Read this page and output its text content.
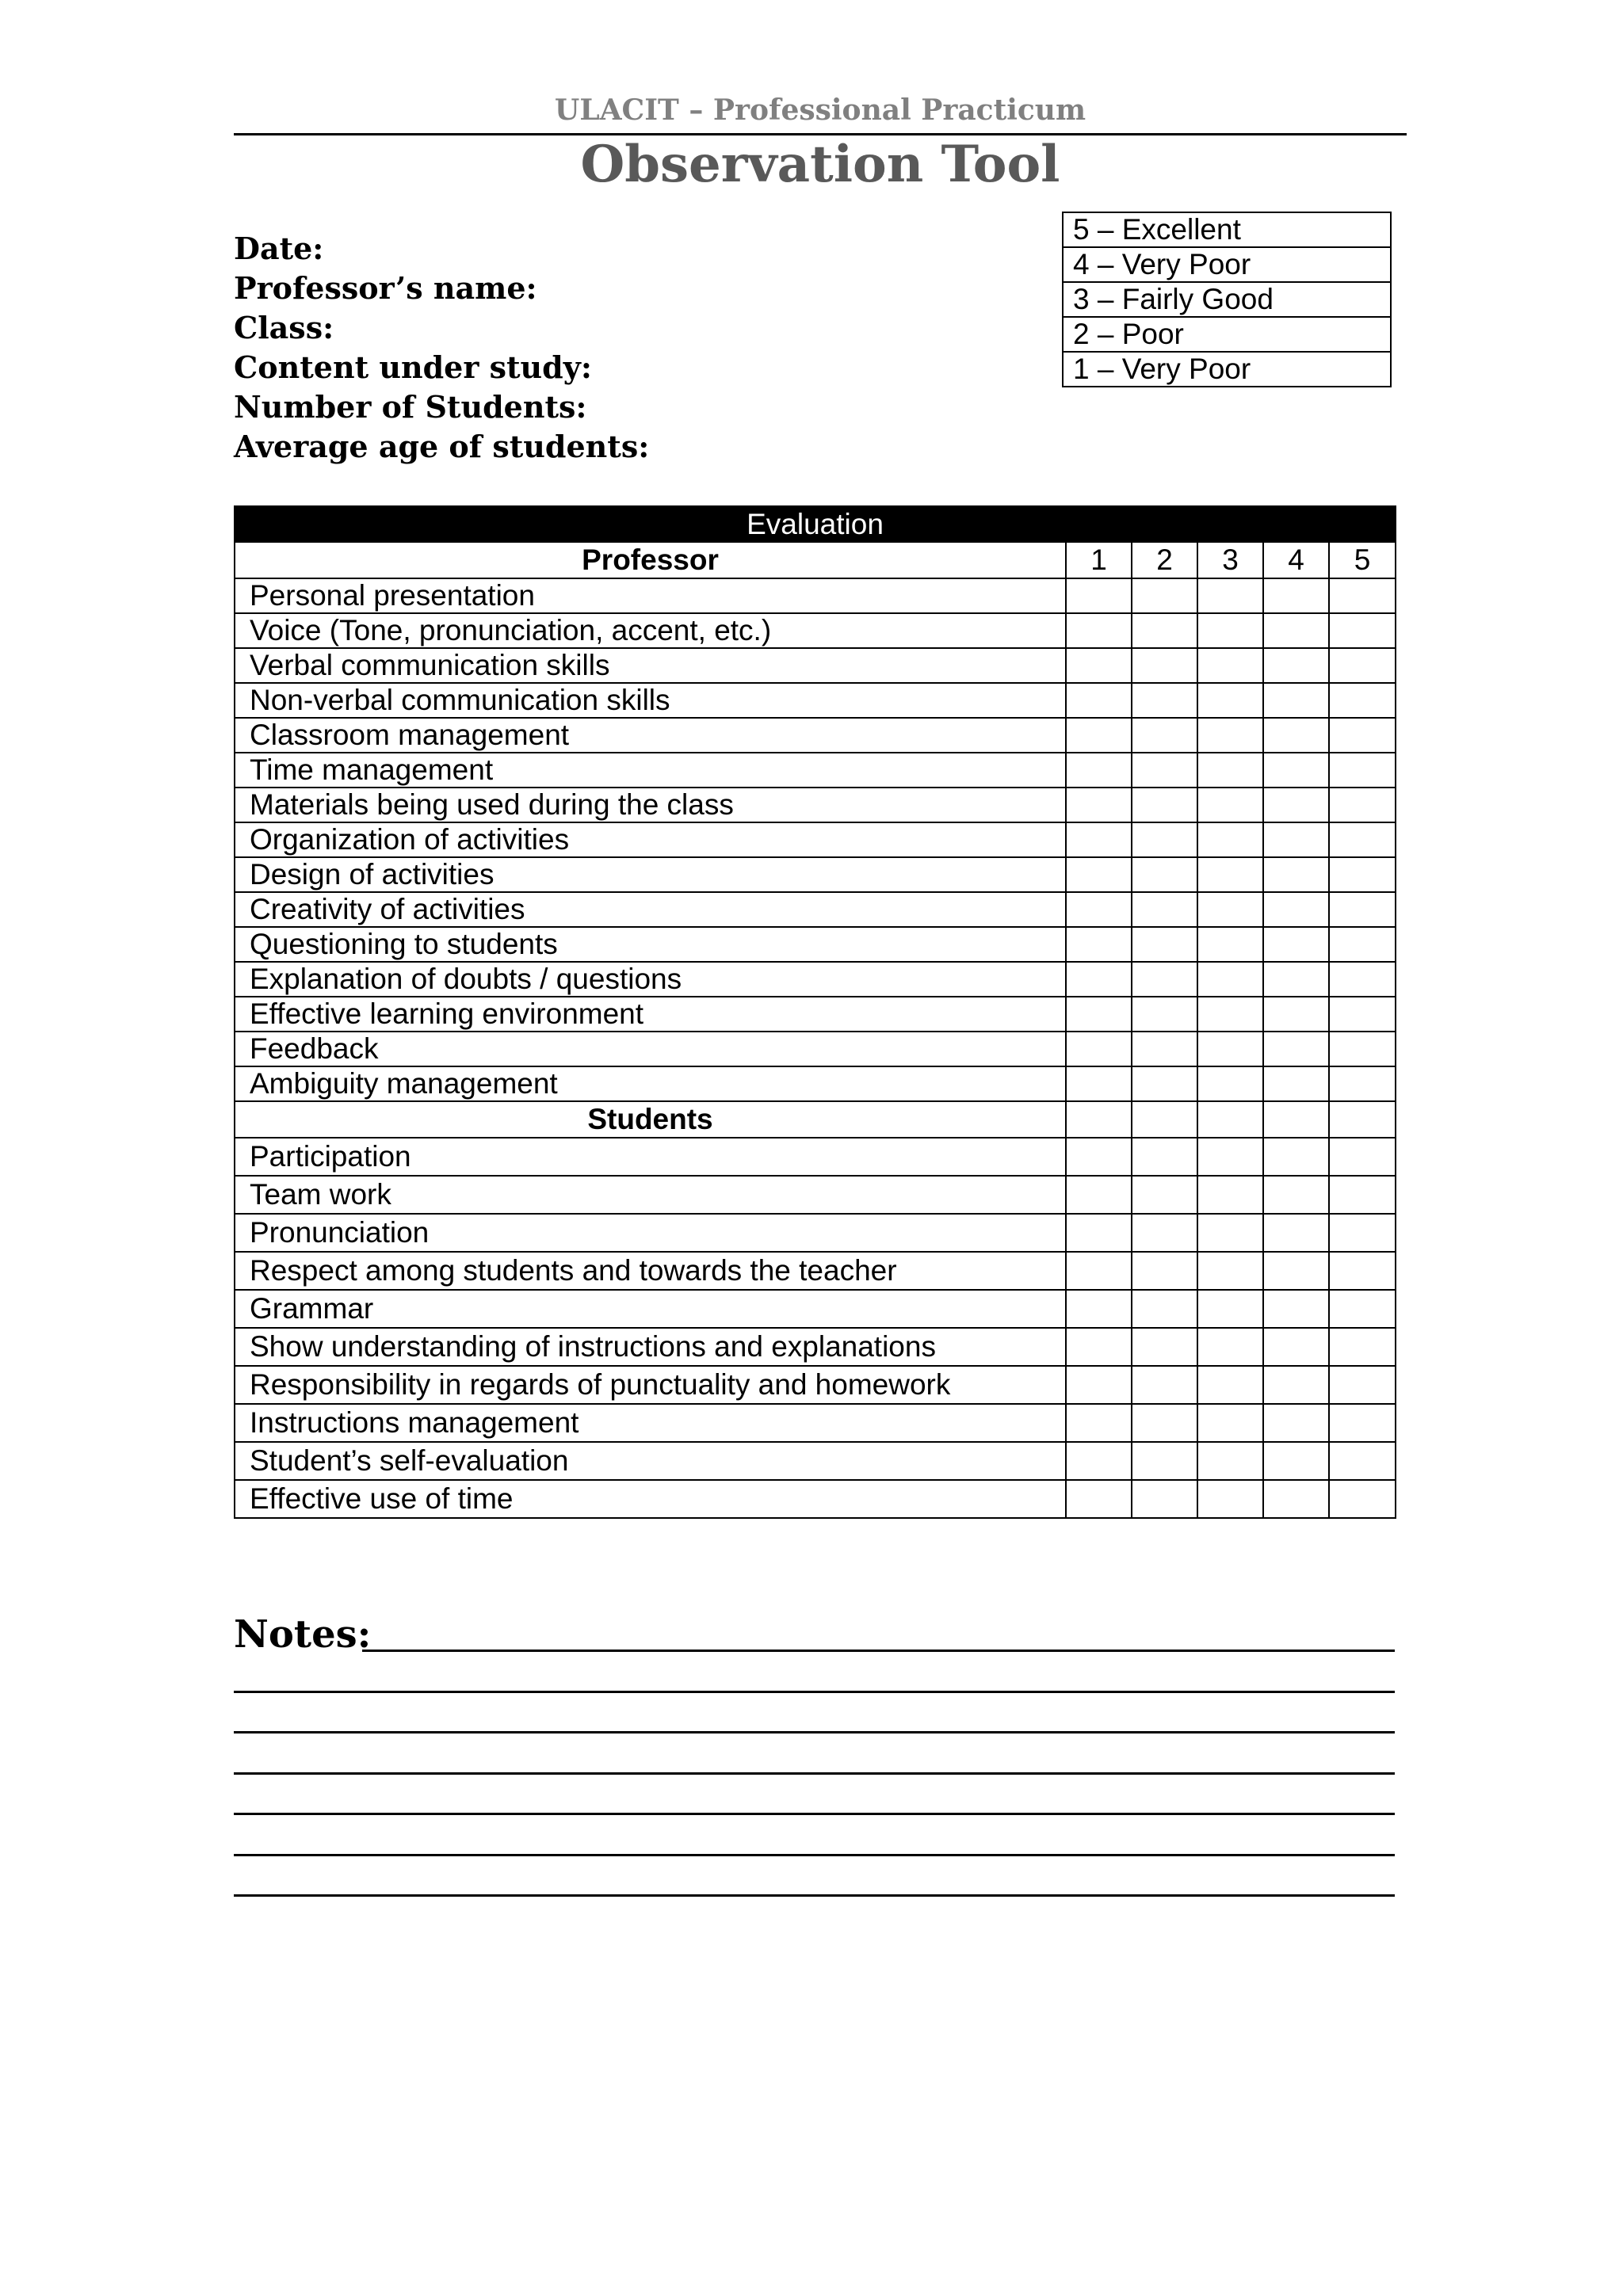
ULACIT – Professional Practicum
Observation Tool
Date:
Professor’s name:
Class:
Content under study:
Number of Students:
Average age of students:
5 – Excellent
4 – Very Poor
3 – Fairly Good
2 – Poor
1 – Very Poor
Evaluation					
Professor	1	2	3	4	5
Personal presentation					
Voice (Tone, pronunciation, accent, etc.)					
Verbal communication skills					
Non-verbal communication skills					
Classroom management					
Time management					
Materials being used during the class					
Organization of activities					
Design of activities					
Creativity of activities					
Questioning to students					
Explanation of doubts / questions					
Effective learning environment					
Feedback					
Ambiguity management					
Students					
Participation					
Team work					
Pronunciation					
Respect among students and towards the teacher					
Grammar					
Show understanding of instructions and explanations					
Responsibility in regards of punctuality and homework					
Instructions management					
Student’s self-evaluation					
Effective use of time					
Notes:
